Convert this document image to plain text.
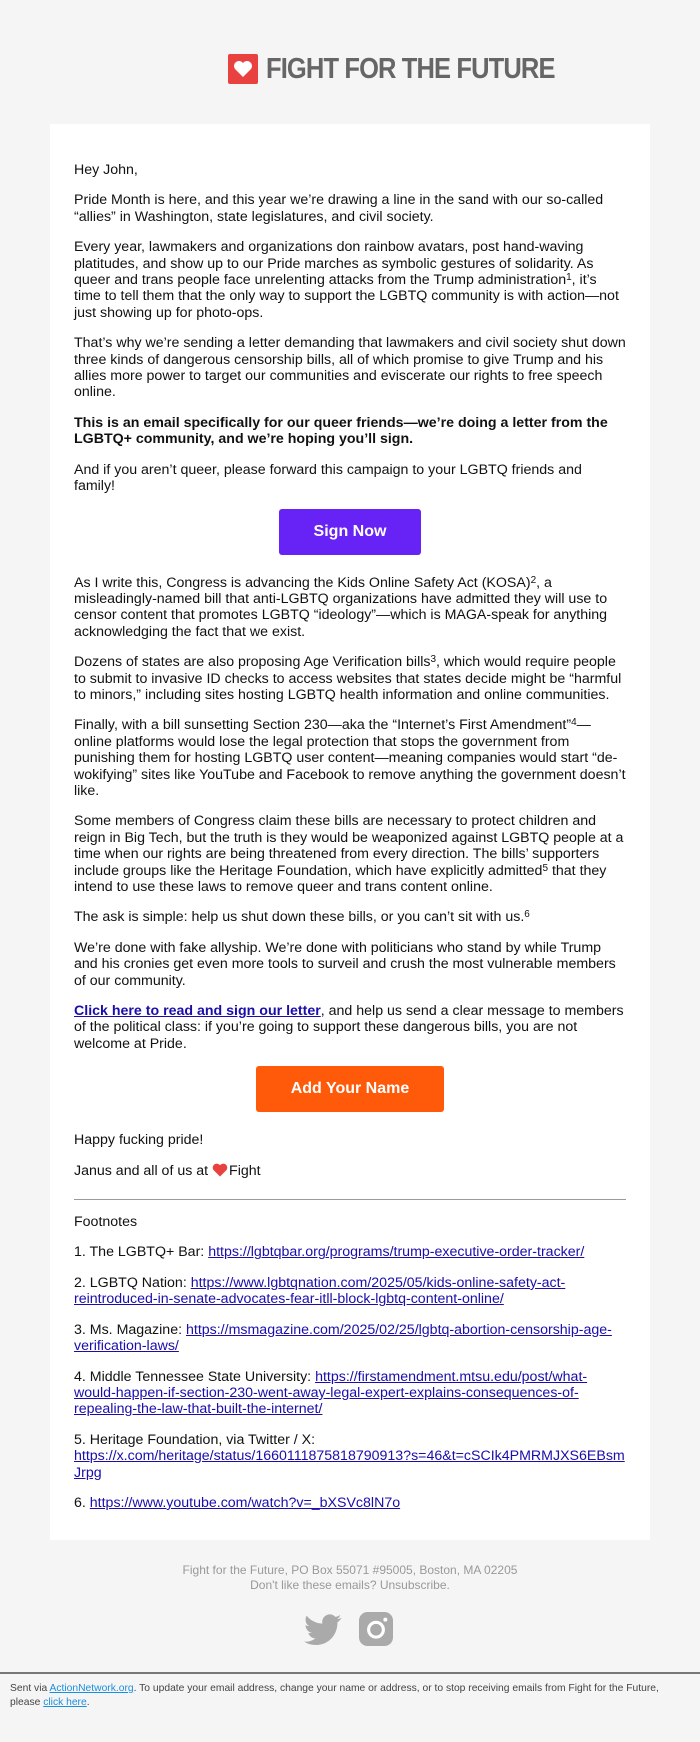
FIGHT FOR THE FUTURE

Hey John,

Pride Month is here, and this year we’re drawing a line in the sand with our so-called “allies” in Washington, state legislatures, and civil society.

Every year, lawmakers and organizations don rainbow avatars, post hand-waving platitudes, and show up to our Pride marches as symbolic gestures of solidarity. As queer and trans people face unrelenting attacks from the Trump administration$^1$, it’s time to tell them that the only way to support the LGBTQ community is with action—not just showing up for photo-ops.

That’s why we’re sending a letter demanding that lawmakers and civil society shut down three kinds of dangerous censorship bills, all of which promise to give Trump and his allies more power to target our communities and eviscerate our rights to free speech online.

This is an email specifically for our queer friends—we’re doing a letter from the LGBTQ+ community, and we’re hoping you’ll sign.

And if you aren’t queer, please forward this campaign to your LGBTQ friends and family!

Sign Now

As I write this, Congress is advancing the Kids Online Safety Act (KOSA)$^2$, a misleadingly-named bill that anti-LGBTQ organizations have admitted they will use to censor content that promotes LGBTQ “ideology”—which is MAGA-speak for anything acknowledging the fact that we exist.

Dozens of states are also proposing Age Verification bills$^3$, which would require people to submit to invasive ID checks to access websites that states decide might be “harmful to minors,” including sites hosting LGBTQ health information and online communities.

Finally, with a bill sunsetting Section 230—aka the “Internet’s First Amendment”$^4$—online platforms would lose the legal protection that stops the government from punishing them for hosting LGBTQ user content—meaning companies would start “de-wokifying” sites like YouTube and Facebook to remove anything the government doesn’t like.

Some members of Congress claim these bills are necessary to protect children and reign in Big Tech, but the truth is they would be weaponized against LGBTQ people at a time when our rights are being threatened from every direction. The bills’ supporters include groups like the Heritage Foundation, which have explicitly admitted$^5$ that they intend to use these laws to remove queer and trans content online.

The ask is simple: help us shut down these bills, or you can’t sit with us.$^6$

We’re done with fake allyship. We’re done with politicians who stand by while Trump and his cronies get even more tools to surveil and crush the most vulnerable members of our community.

Click here to read and sign our letter, and help us send a clear message to members of the political class: if you’re going to support these dangerous bills, you are not welcome at Pride.

Add Your Name

Happy fucking pride!

Janus and all of us at Fight

Footnotes

1. The LGBTQ+ Bar: https://lgbtqbar.org/programs/trump-executive-order-tracker/

2. LGBTQ Nation: https://www.lgbtqnation.com/2025/05/kids-online-safety-act-reintroduced-in-senate-advocates-fear-itll-block-lgbtq-content-online/

3. Ms. Magazine: https://msmagazine.com/2025/02/25/lgbtq-abortion-censorship-age-verification-laws/

4. Middle Tennessee State University: https://firstamendment.mtsu.edu/post/what-would-happen-if-section-230-went-away-legal-expert-explains-consequences-of-repealing-the-law-that-built-the-internet/

5. Heritage Foundation, via Twitter / X:
https://x.com/heritage/status/1660111875818790913?s=46&t=cSCIk4PMRMJXS6EBsmJrpg

6. https://www.youtube.com/watch?v=_bXSVc8lN7o

Fight for the Future, PO Box 55071 #95005, Boston, MA 02205
Don't like these emails? Unsubscribe.
Sent via ActionNetwork.org. To update your email address, change your name or address, or to stop receiving emails from Fight for the Future, please click here.
